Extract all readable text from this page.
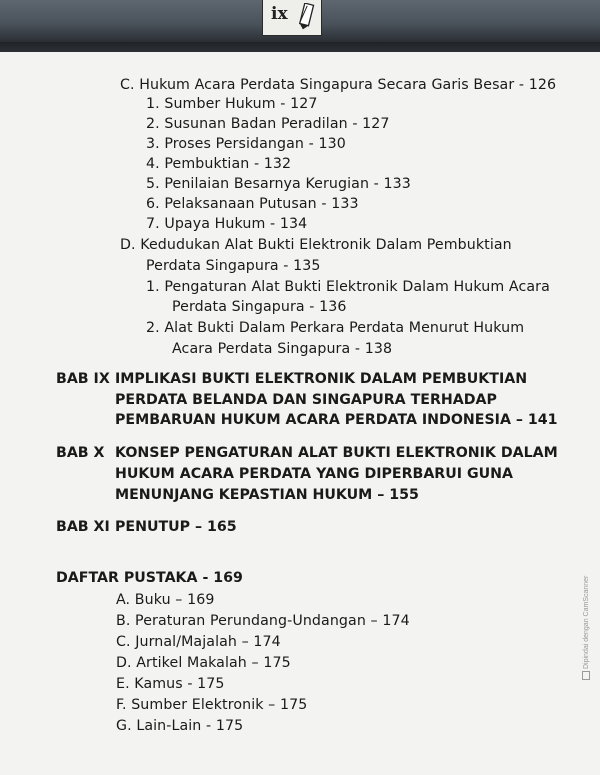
ix
C. Hukum Acara Perdata Singapura Secara Garis Besar - 126
1. Sumber Hukum - 127
2. Susunan Badan Peradilan - 127
3. Proses Persidangan - 130
4. Pembuktian - 132
5. Penilaian Besarnya Kerugian - 133
6. Pelaksanaan Putusan - 133
7. Upaya Hukum - 134
D. Kedudukan Alat Bukti Elektronik Dalam Pembuktian
Perdata Singapura - 135
1. Pengaturan Alat Bukti Elektronik Dalam Hukum Acara
Perdata Singapura - 136
2. Alat Bukti Dalam Perkara Perdata Menurut Hukum
Acara Perdata Singapura - 138
BAB IX IMPLIKASI BUKTI ELEKTRONIK DALAM PEMBUKTIAN
PERDATA BELANDA DAN SINGAPURA TERHADAP
PEMBARUAN HUKUM ACARA PERDATA INDONESIA – 141
BAB X KONSEP PENGATURAN ALAT BUKTI ELEKTRONIK DALAM
HUKUM ACARA PERDATA YANG DIPERBARUI GUNA
MENUNJANG KEPASTIAN HUKUM – 155
BAB XI PENUTUP – 165
DAFTAR PUSTAKA - 169
A. Buku – 169
B. Peraturan Perundang-Undangan – 174
C. Jurnal/Majalah – 174
D. Artikel Makalah – 175
E. Kamus - 175
F. Sumber Elektronik – 175
G. Lain-Lain - 175
Dipindai dengan CamScanner
